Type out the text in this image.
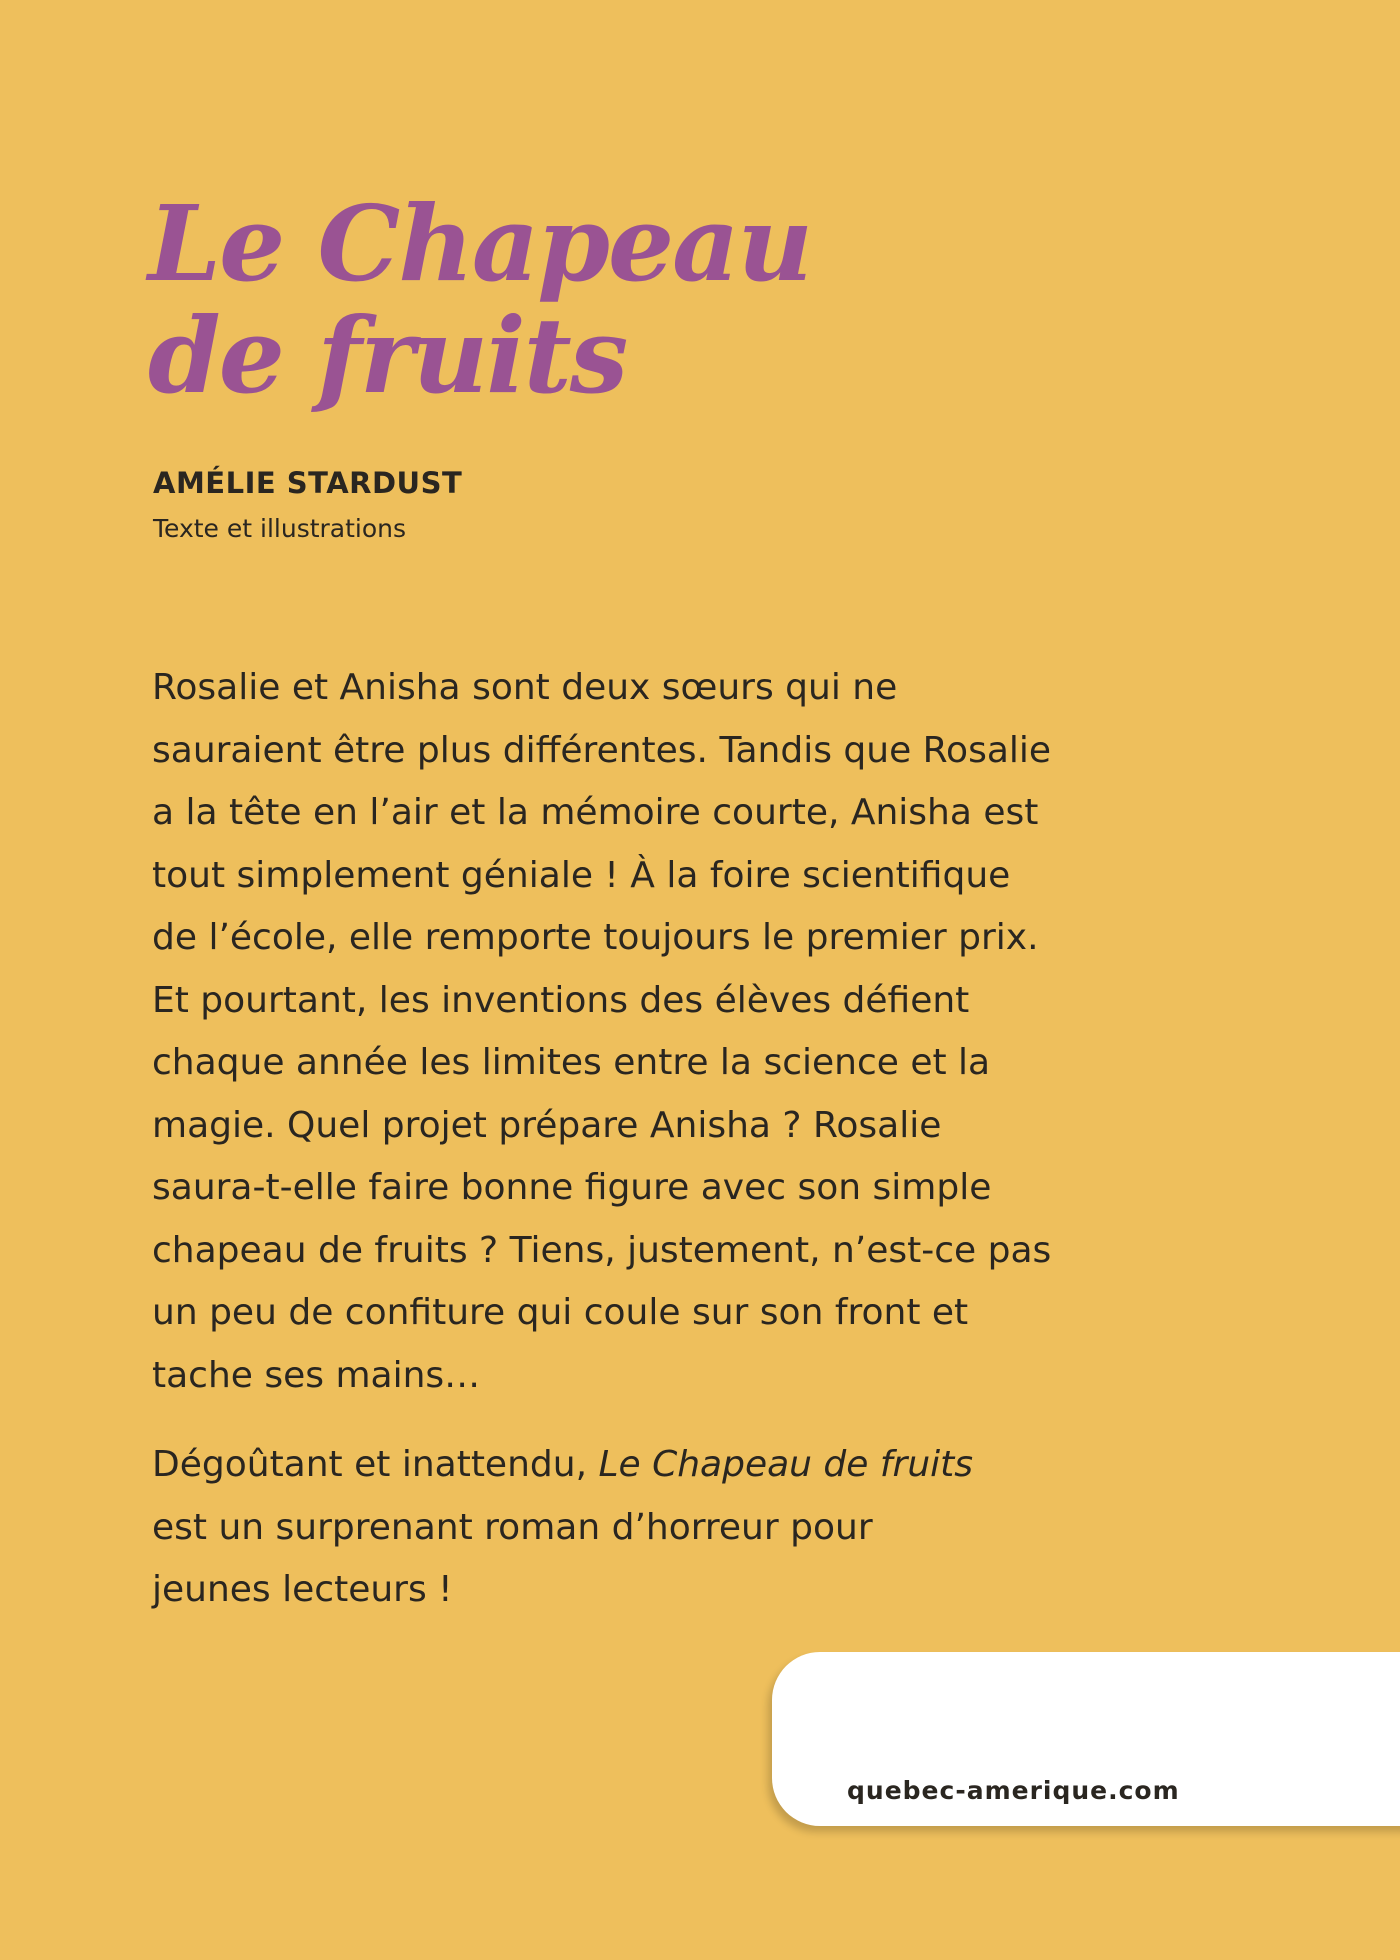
Le Chapeau
de fruits
AMÉLIE STARDUST
Texte et illustrations
Rosalie et Anisha sont deux sœurs qui ne
sauraient être plus différentes. Tandis que Rosalie
a la tête en l’air et la mémoire courte, Anisha est
tout simplement géniale ! À la foire scientifique
de l’école, elle remporte toujours le premier prix.
Et pourtant, les inventions des élèves défient
chaque année les limites entre la science et la
magie. Quel projet prépare Anisha ? Rosalie
saura-t-elle faire bonne figure avec son simple
chapeau de fruits ? Tiens, justement, n’est-ce pas
un peu de confiture qui coule sur son front et
tache ses mains…
Dégoûtant et inattendu, Le Chapeau de fruits
est un surprenant roman d’horreur pour
jeunes lecteurs !
quebec-amerique.com
